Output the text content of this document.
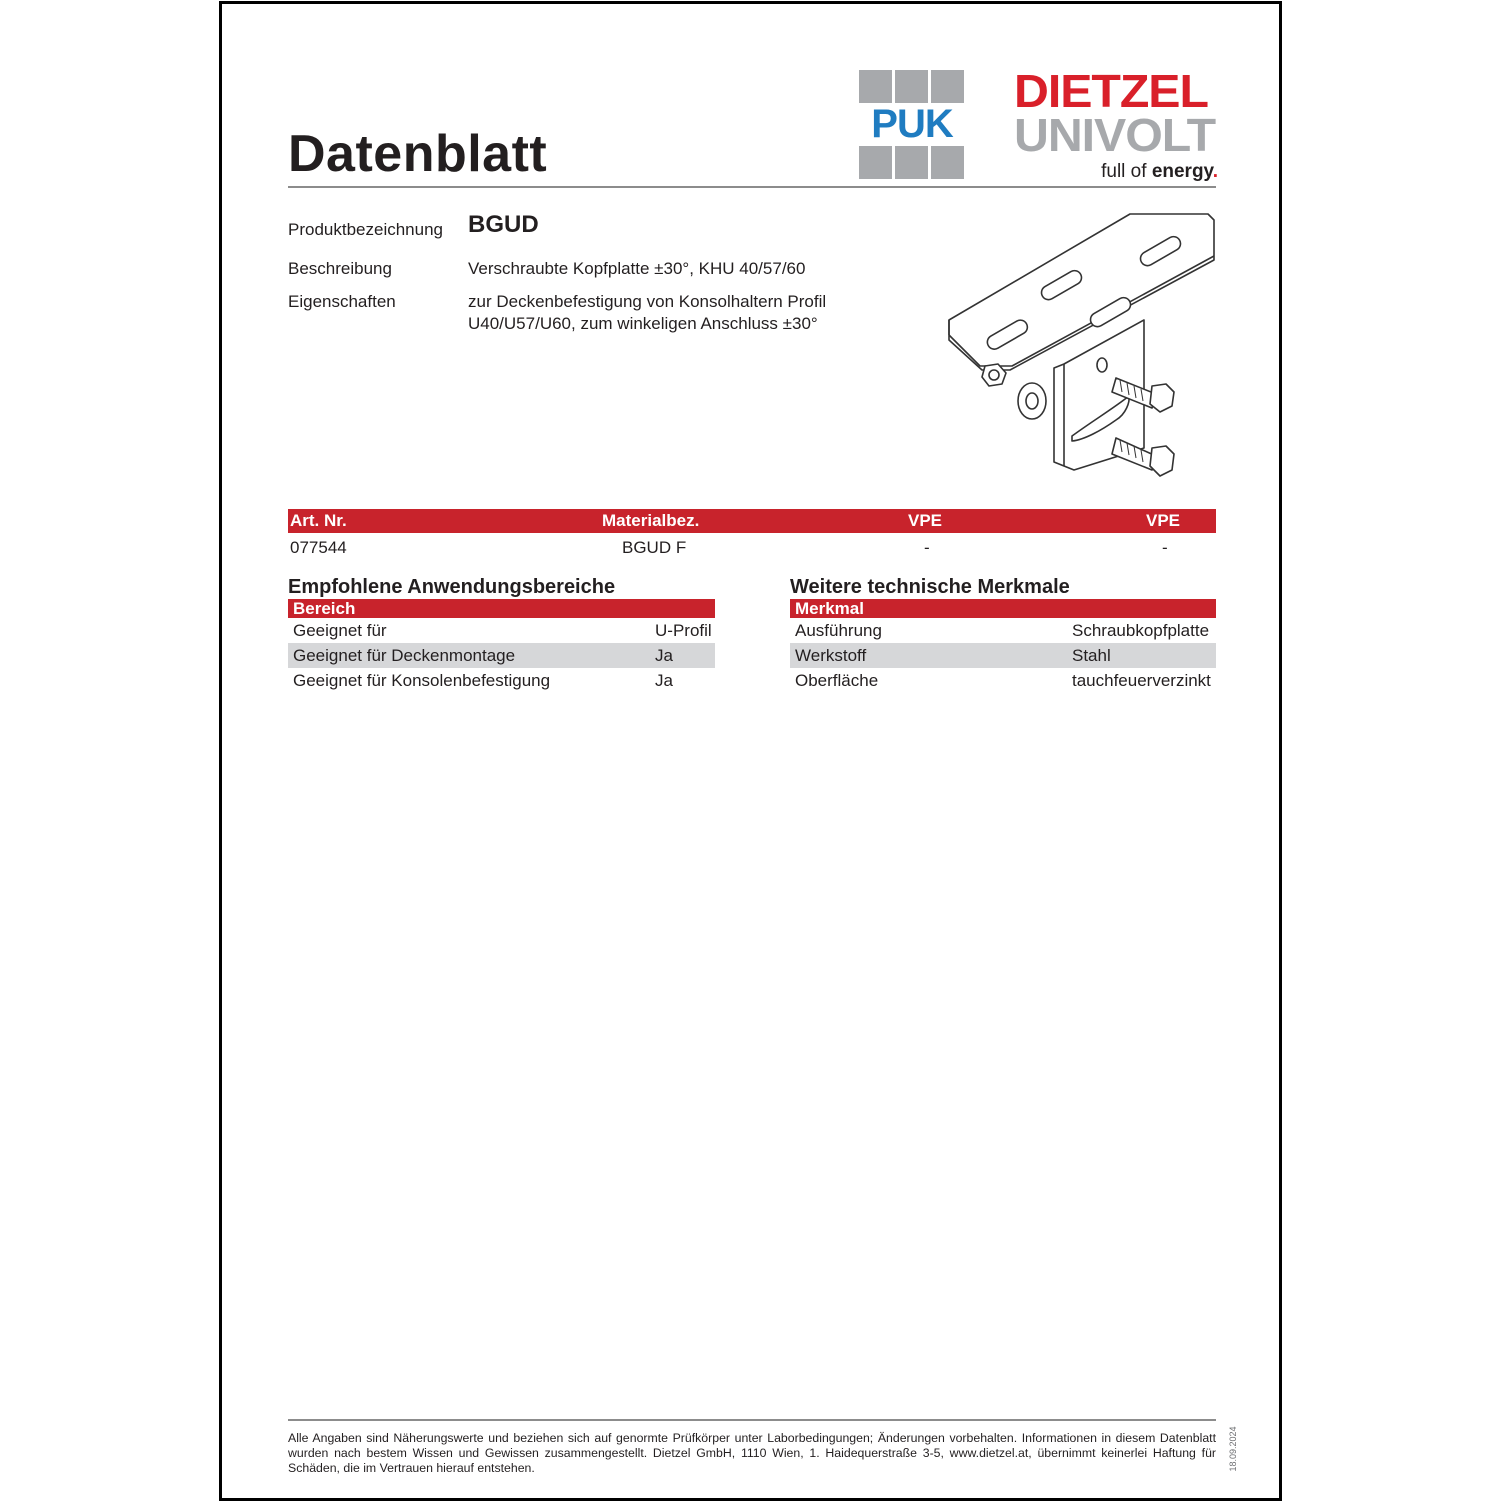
Datenblatt
PUK
DIETZEL
UNIVOLT
full of energy.
Produktbezeichnung BGUD
Beschreibung	Verschraubte Kopfplatte ±30°, KHU 40/57/60
Eigenschaften	zur Deckenbefestigung von Konsolhaltern Profil
U40/U57/U60, zum winkeligen Anschluss ±30°
Art. Nr.	Materialbez.	VPE	VPE
077544	BGUD F	-	-
Empfohlene Anwendungsbereiche
Bereich
Geeignet für	U-Profil
Geeignet für Deckenmontage	Ja
Geeignet für Konsolenbefestigung	Ja
Weitere technische Merkmale
Merkmal
Ausführung	Schraubkopfplatte
Werkstoff	Stahl
Oberfläche	tauchfeuerverzinkt
Alle Angaben sind Näherungswerte und beziehen sich auf genormte Prüfkörper unter Laborbedingungen; Änderungen vorbehalten. Informationen in diesem Datenblatt wurden nach bestem Wissen und Gewissen zusammengestellt. Dietzel GmbH, 1110 Wien, 1. Haidequerstraße 3-5, www.dietzel.at, übernimmt keinerlei Haftung für Schäden, die im Vertrauen hierauf entstehen.	18.09.2024
